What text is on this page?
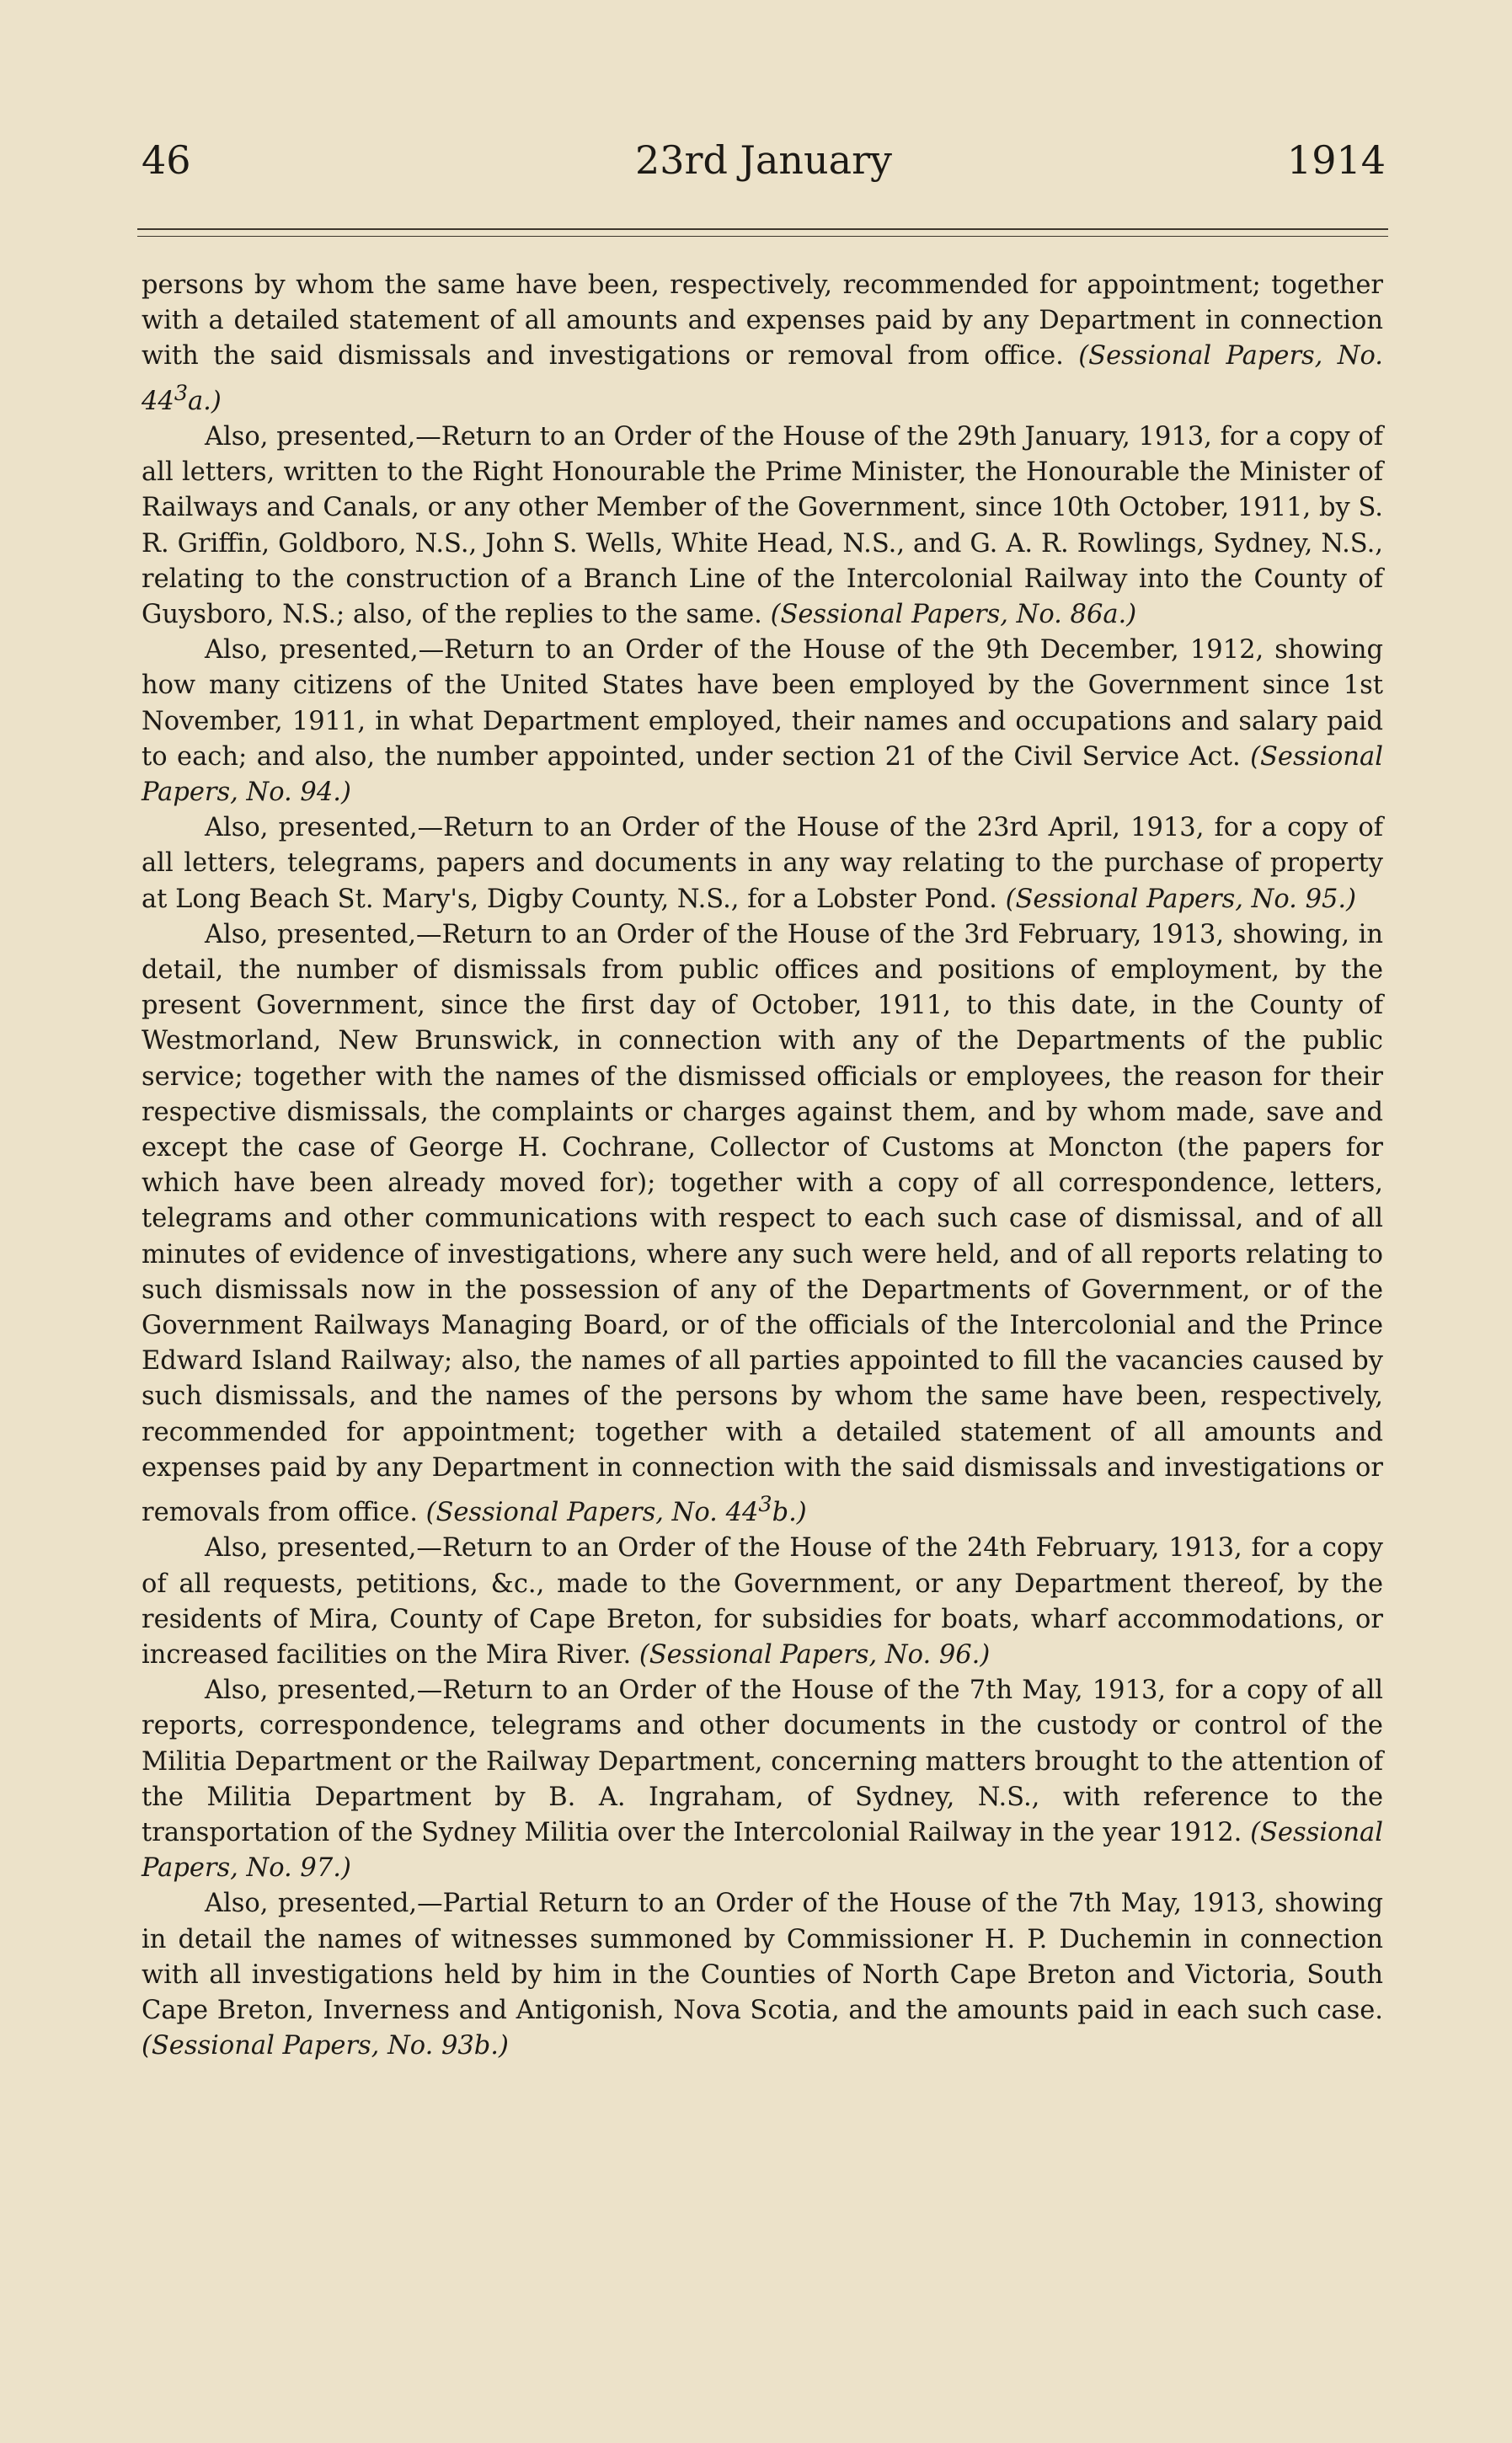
46	23rd January	1914

persons by whom the same have been, respectively, recommended for appointment; together with a detailed statement of all amounts and expenses paid by any Department in connection with the said dismissals and investigations or removal from office. (Sessional Papers, No. $44^3a$.)

Also, presented,—Return to an Order of the House of the 29th January, 1913, for a copy of all letters, written to the Right Honourable the Prime Minister, the Honourable the Minister of Railways and Canals, or any other Member of the Government, since 10th October, 1911, by S. R. Griffin, Goldboro, N.S., John S. Wells, White Head, N.S., and G. A. R. Rowlings, Sydney, N.S., relating to the construction of a Branch Line of the Intercolonial Railway into the County of Guysboro, N.S.; also, of the replies to the same. (Sessional Papers, No. 86a.)

Also, presented,—Return to an Order of the House of the 9th December, 1912, showing how many citizens of the United States have been employed by the Government since 1st November, 1911, in what Department employed, their names and occupations and salary paid to each; and also, the number appointed, under section 21 of the Civil Service Act. (Sessional Papers, No. 94.)

Also, presented,—Return to an Order of the House of the 23rd April, 1913, for a copy of all letters, telegrams, papers and documents in any way relating to the purchase of property at Long Beach St. Mary's, Digby County, N.S., for a Lobster Pond. (Sessional Papers, No. 95.)

Also, presented,—Return to an Order of the House of the 3rd February, 1913, showing, in detail, the number of dismissals from public offices and positions of employment, by the present Government, since the first day of October, 1911, to this date, in the County of Westmorland, New Brunswick, in connection with any of the Departments of the public service; together with the names of the dismissed officials or employees, the reason for their respective dismissals, the complaints or charges against them, and by whom made, save and except the case of George H. Cochrane, Collector of Customs at Moncton (the papers for which have been already moved for); together with a copy of all correspondence, letters, telegrams and other communications with respect to each such case of dismissal, and of all minutes of evidence of investigations, where any such were held, and of all reports relating to such dismissals now in the possession of any of the Departments of Government, or of the Government Railways Managing Board, or of the officials of the Intercolonial and the Prince Edward Island Railway; also, the names of all parties appointed to fill the vacancies caused by such dismissals, and the names of the persons by whom the same have been, respectively, recommended for appointment; together with a detailed statement of all amounts and expenses paid by any Department in connection with the said dismissals and investigations or removals from office. (Sessional Papers, No. $44^3b$.)

Also, presented,—Return to an Order of the House of the 24th February, 1913, for a copy of all requests, petitions, &c., made to the Government, or any Department thereof, by the residents of Mira, County of Cape Breton, for subsidies for boats, wharf accommodations, or increased facilities on the Mira River. (Sessional Papers, No. 96.)

Also, presented,—Return to an Order of the House of the 7th May, 1913, for a copy of all reports, correspondence, telegrams and other documents in the custody or control of the Militia Department or the Railway Department, concerning matters brought to the attention of the Militia Department by B. A. Ingraham, of Sydney, N.S., with reference to the transportation of the Sydney Militia over the Intercolonial Railway in the year 1912. (Sessional Papers, No. 97.)

Also, presented,—Partial Return to an Order of the House of the 7th May, 1913, showing in detail the names of witnesses summoned by Commissioner H. P. Duchemin in connection with all investigations held by him in the Counties of North Cape Breton and Victoria, South Cape Breton, Inverness and Antigonish, Nova Scotia, and the amounts paid in each such case. (Sessional Papers, No. 93b.)
